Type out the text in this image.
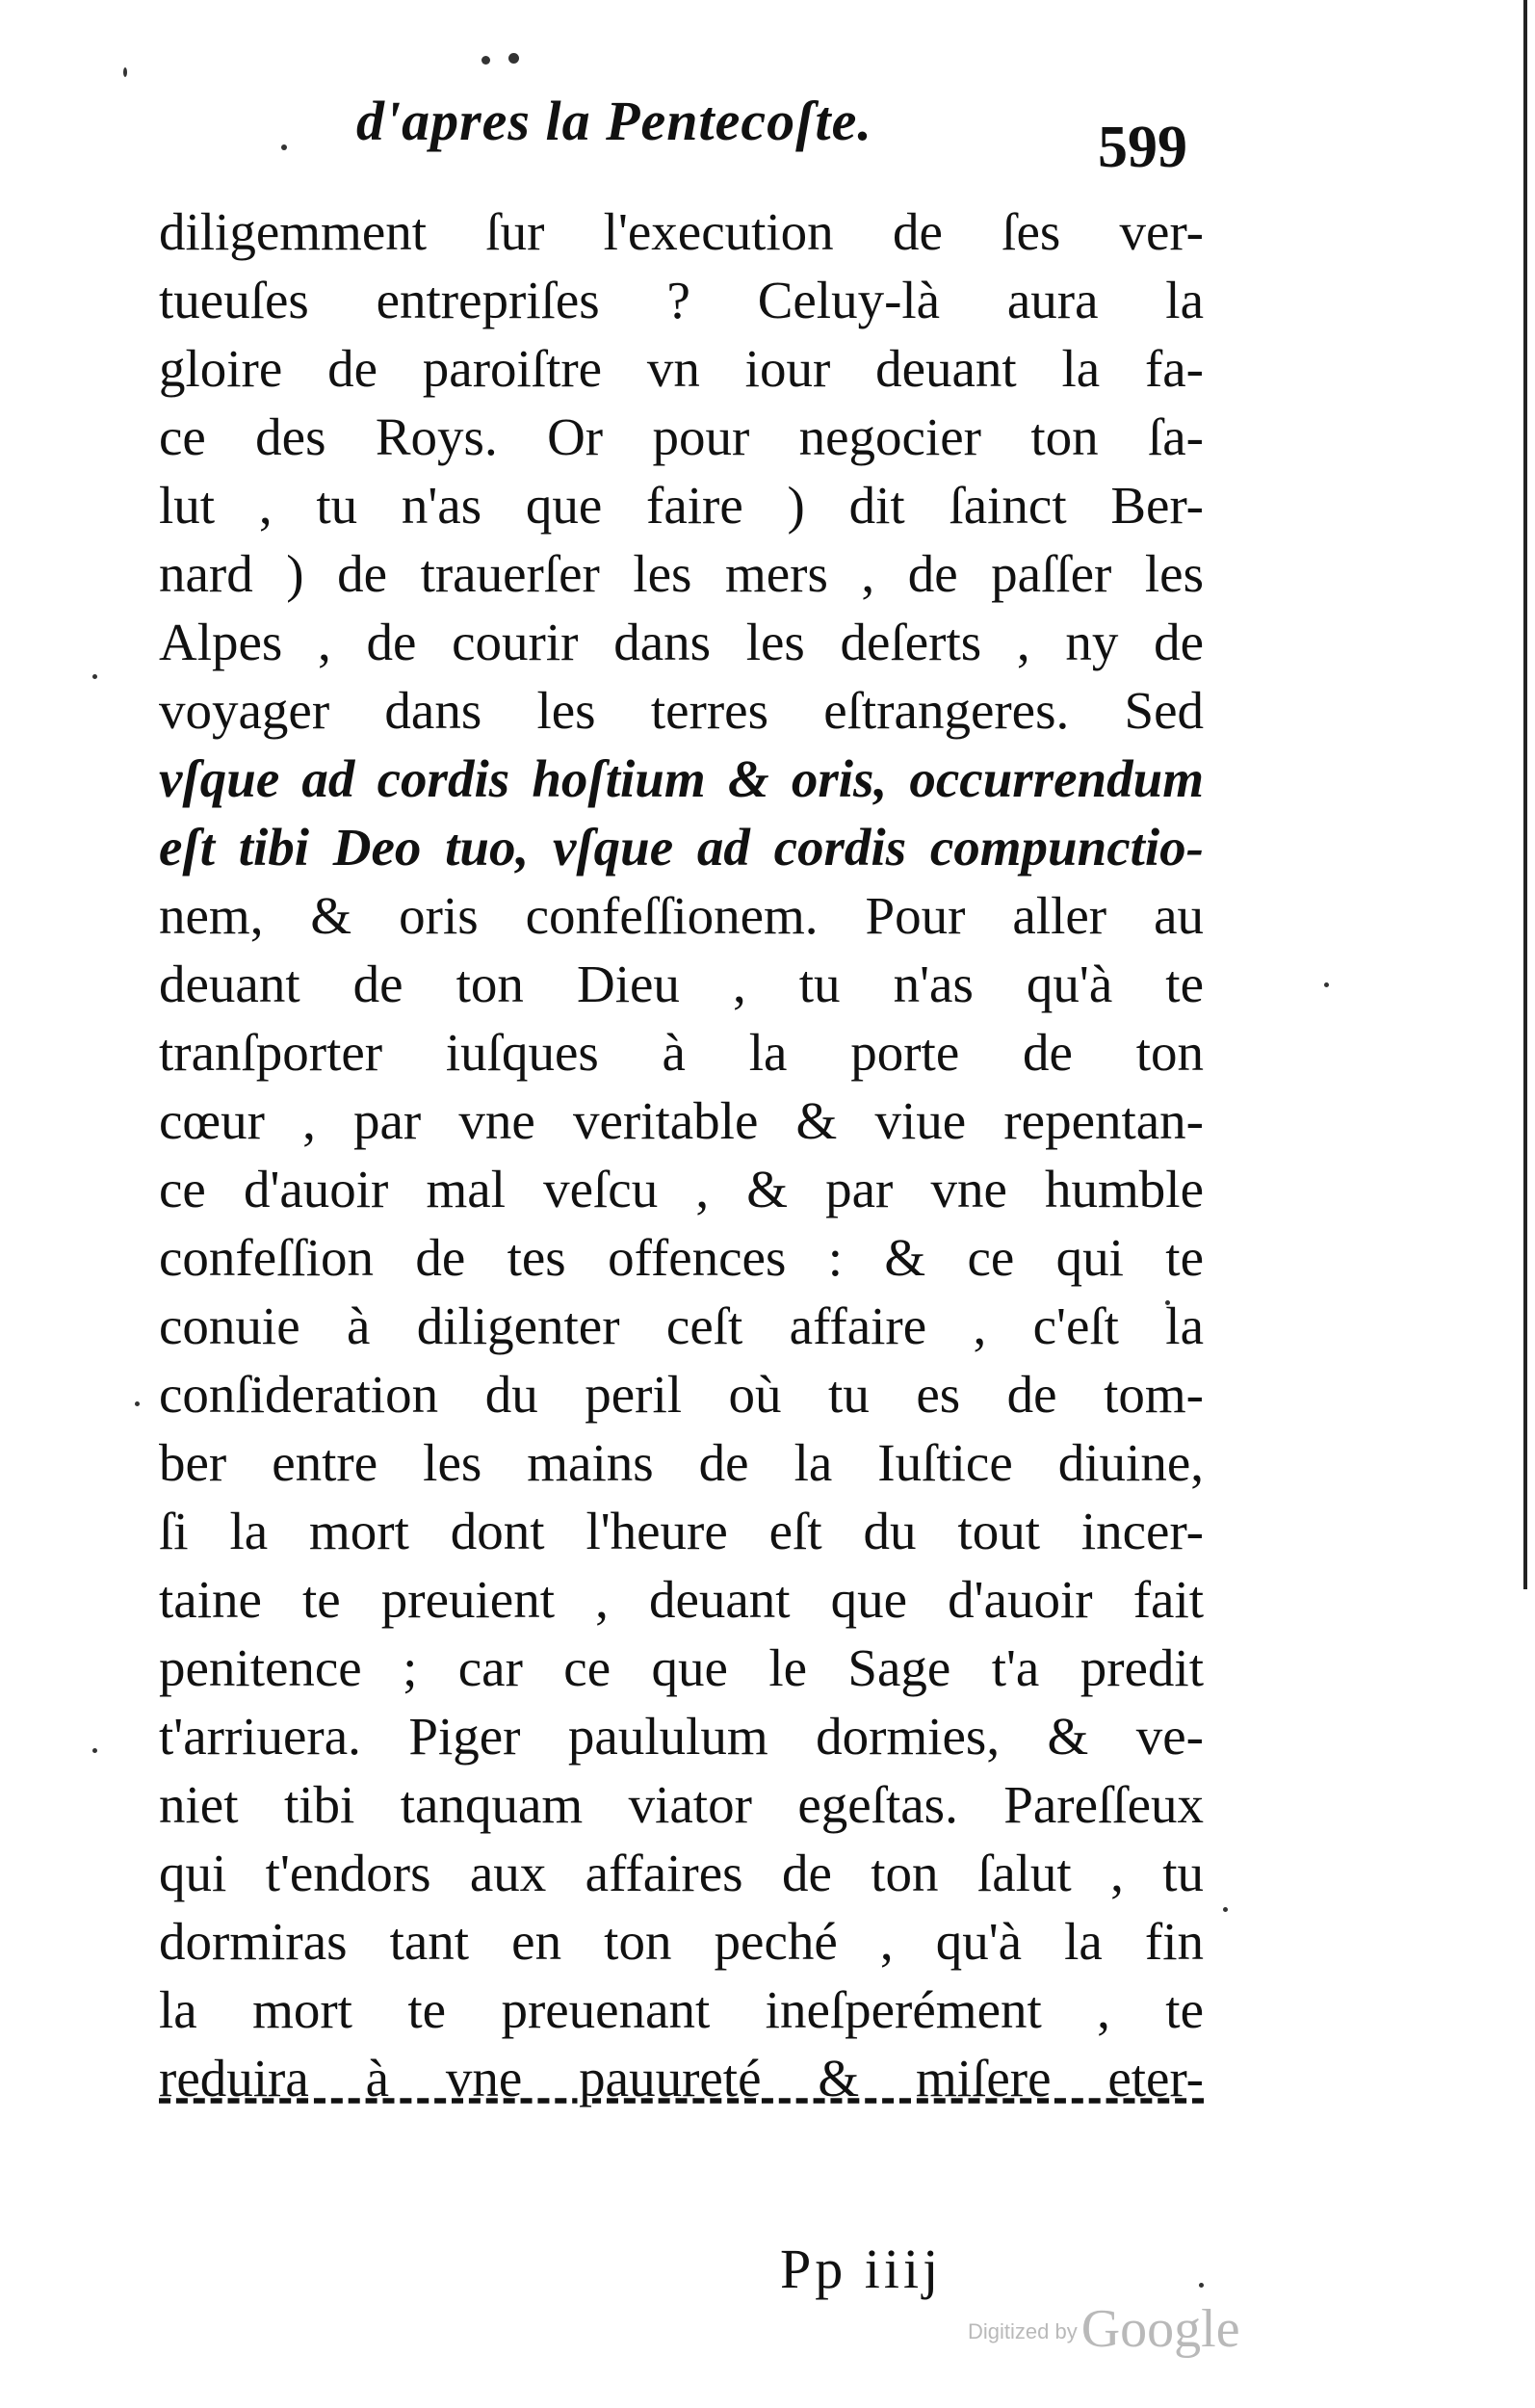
d'apres la Pentecoſte.	599
diligemment ſur l'execution de ſes ver-
tueuſes entrepriſes ? Celuy-là aura la
gloire de paroiſtre vn iour deuant la fa-
ce des Roys. Or pour negocier ton ſa-
lut , tu n'as que faire ) dit ſainct Ber-
nard ) de trauerſer les mers , de paſſer les
Alpes , de courir dans les deſerts , ny de
voyager dans les terres eſtrangeres. Sed
vſque ad cordis hoſtium & oris, occurrendum
eſt tibi Deo tuo, vſque ad cordis compunctio-
nem, & oris confeſſionem. Pour aller au
deuant de ton Dieu , tu n'as qu'à te
tranſporter iuſques à la porte de ton
cœur , par vne veritable & viue repentan-
ce d'auoir mal veſcu , & par vne humble
confeſſion de tes offences : & ce qui te
conuie à diligenter ceſt affaire , c'eſt la
conſideration du peril où tu es de tom-
ber entre les mains de la Iuſtice diuine,
ſi la mort dont l'heure eſt du tout incer-
taine te preuient , deuant que d'auoir fait
penitence ; car ce que le Sage t'a predit
t'arriuera. Piger paululum dormies, & ve-
niet tibi tanquam viator egeſtas. Pareſſeux
qui t'endors aux affaires de ton ſalut , tu
dormiras tant en ton peché , qu'à la fin
la mort te preuenant ineſperément , te
reduira à vne pauureté & miſere eter-
Pp iiij
Digitized by Google
